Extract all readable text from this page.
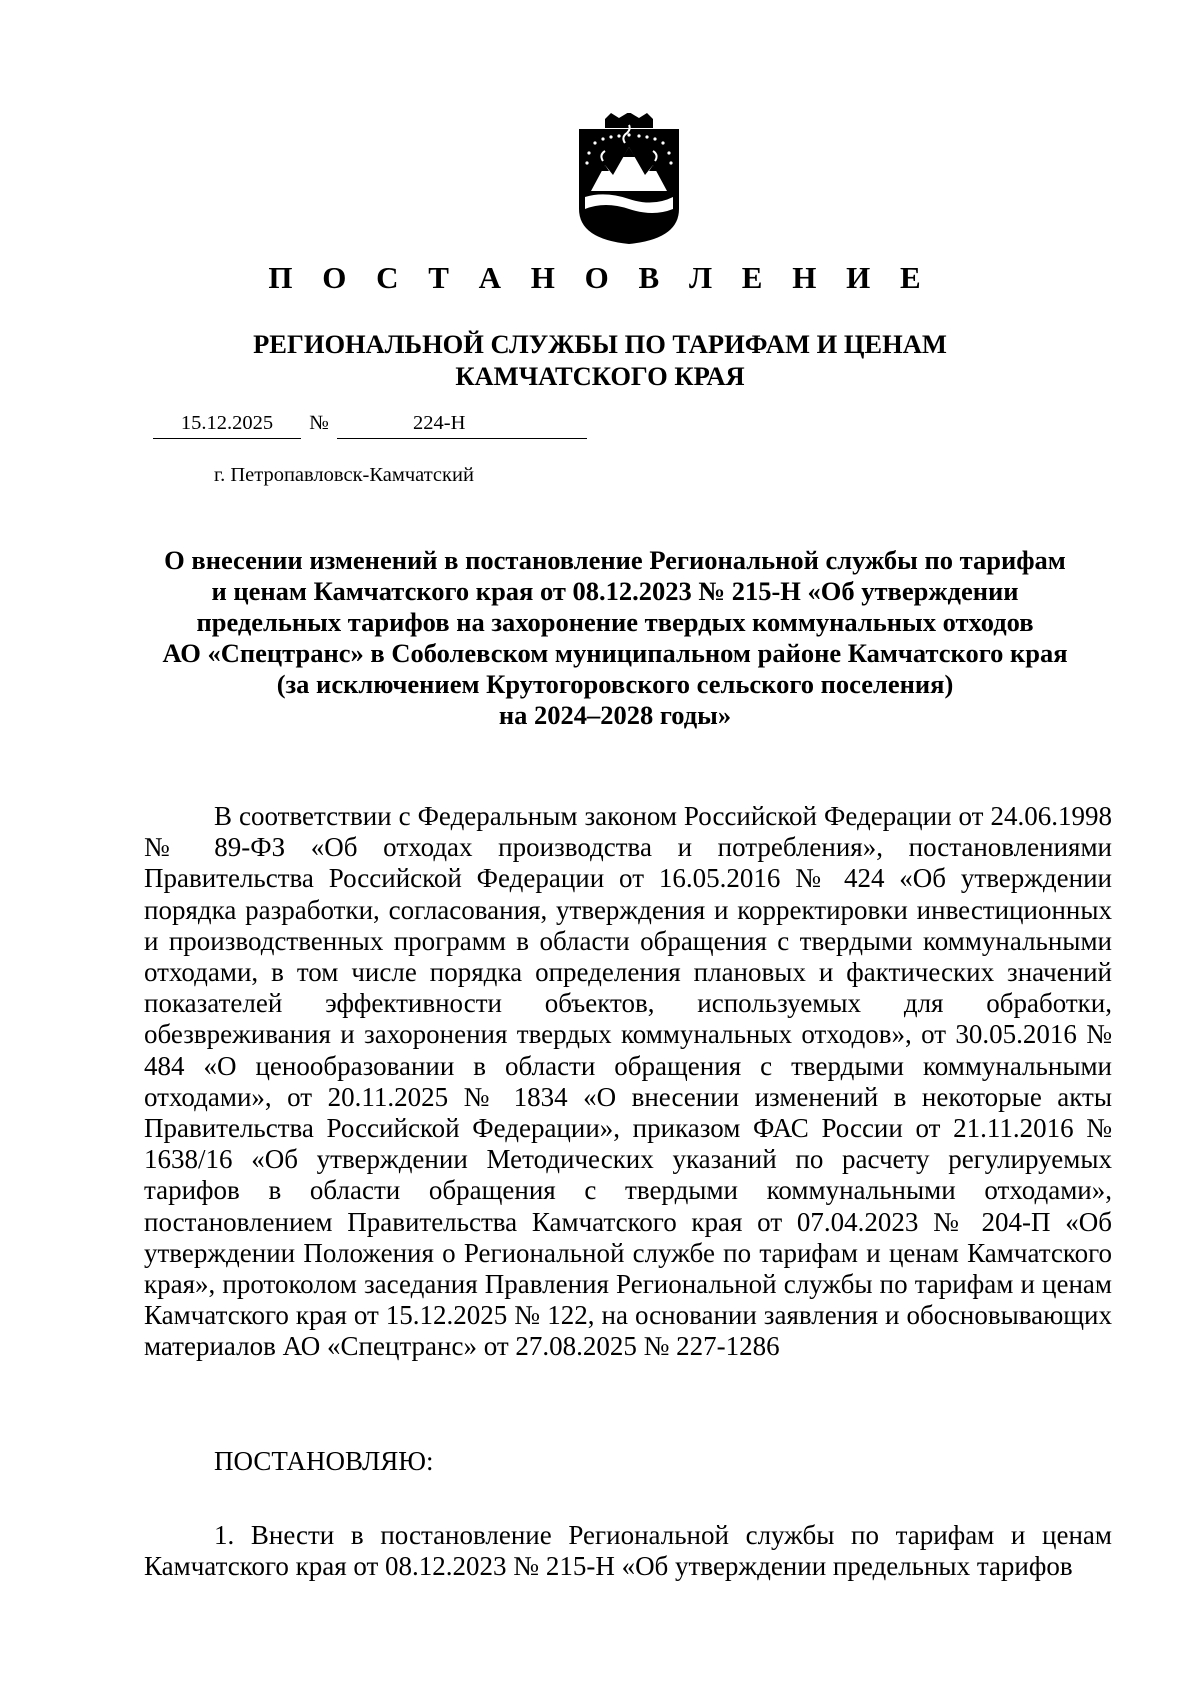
П О С Т А Н О В Л Е Н И Е
РЕГИОНАЛЬНОЙ СЛУЖБЫ ПО ТАРИФАМ И ЦЕНАМ
КАМЧАТСКОГО КРАЯ
15.12.2025	№	224-Н
г. Петропавловск-Камчатский
О внесении изменений в постановление Региональной службы по тарифам
и ценам Камчатского края от 08.12.2023 № 215-Н «Об утверждении
предельных тарифов на захоронение твердых коммунальных отходов
АО «Спецтранс» в Соболевском муниципальном районе Камчатского края
(за исключением Крутогоровского сельского поселения)
на 2024–2028 годы»

В соответствии с Федеральным законом Российской Федерации от 24.06.1998 № 89-ФЗ «Об отходах производства и потребления», постановлениями Правительства Российской Федерации от 16.05.2016 № 424 «Об утверждении порядка разработки, согласования, утверждения и корректировки инвестиционных и производственных программ в области обращения с твердыми коммунальными отходами, в том числе порядка определения плановых и фактических значений показателей эффективности объектов, используемых для обработки, обезвреживания и захоронения твердых коммунальных отходов», от 30.05.2016 № 484 «О ценообразовании в области обращения с твердыми коммунальными отходами», от 20.11.2025 № 1834 «О внесении изменений в некоторые акты Правительства Российской Федерации», приказом ФАС России от 21.11.2016 № 1638/16 «Об утверждении Методических указаний по расчету регулируемых тарифов в области обращения с твердыми коммунальными отходами», постановлением Правительства Камчатского края от 07.04.2023 № 204-П «Об утверждении Положения о Региональной службе по тарифам и ценам Камчатского края», протоколом заседания Правления Региональной службы по тарифам и ценам Камчатского края от 15.12.2025 № 122, на основании заявления и обосновывающих материалов АО «Спецтранс» от 27.08.2025 № 227-1286

ПОСТАНОВЛЯЮ:

1. Внести в постановление Региональной службы по тарифам и ценам Камчатского края от 08.12.2023 № 215-Н «Об утверждении предельных тарифов
